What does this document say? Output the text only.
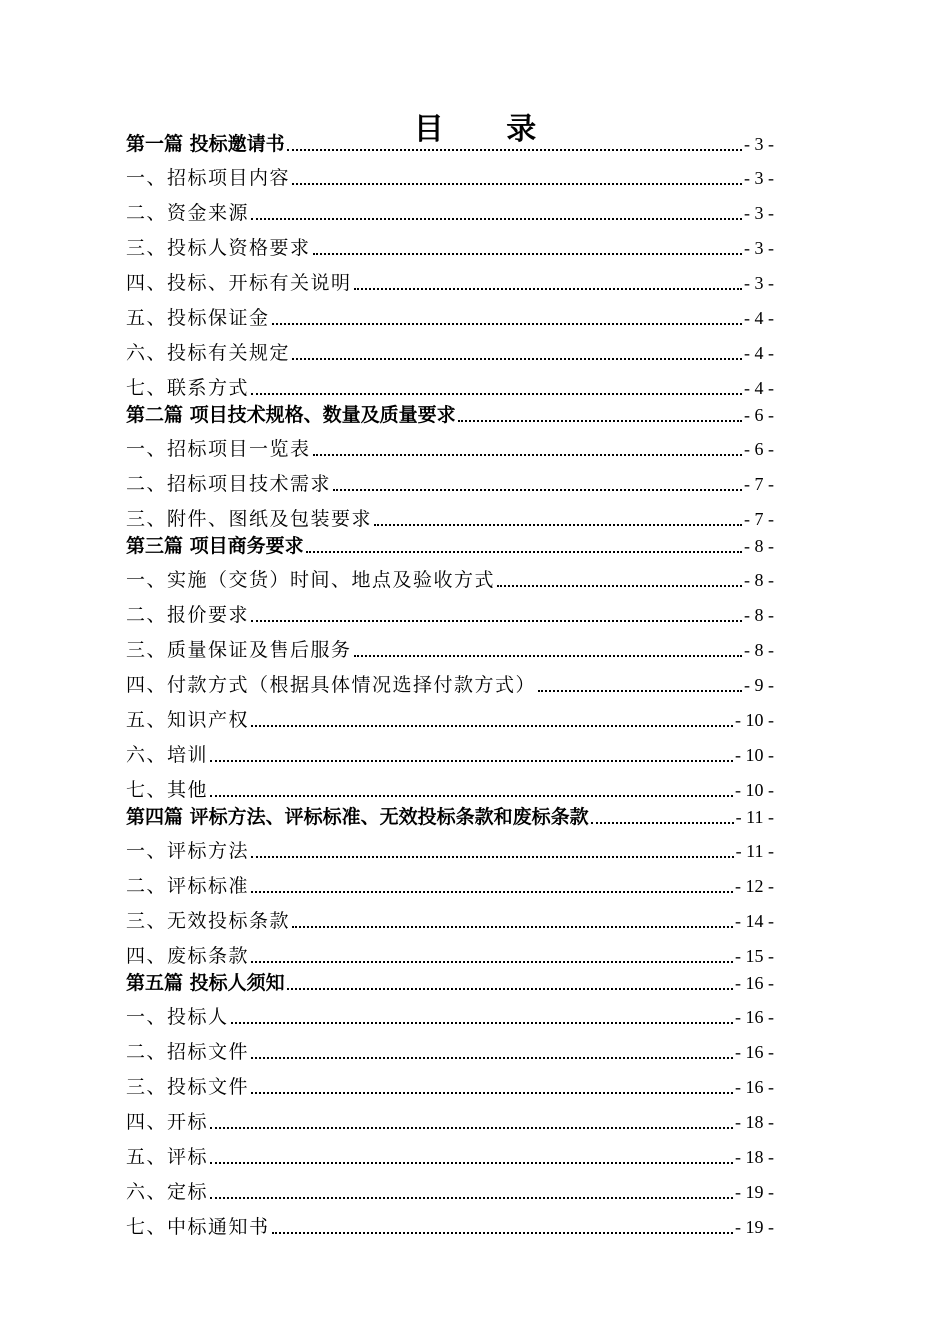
目 录
第一篇 投标邀请书	- 3 -
一、招标项目内容	- 3 -
二、资金来源	- 3 -
三、投标人资格要求	- 3 -
四、投标、开标有关说明	- 3 -
五、投标保证金	- 4 -
六、投标有关规定	- 4 -
七、联系方式	- 4 -
第二篇 项目技术规格、数量及质量要求	- 6 -
一、招标项目一览表	- 6 -
二、招标项目技术需求	- 7 -
三、附件、图纸及包装要求	- 7 -
第三篇 项目商务要求	- 8 -
一、实施（交货）时间、地点及验收方式	- 8 -
二、报价要求	- 8 -
三、质量保证及售后服务	- 8 -
四、付款方式（根据具体情况选择付款方式）	- 9 -
五、知识产权	- 10 -
六、培训	- 10 -
七、其他	- 10 -
第四篇 评标方法、评标标准、无效投标条款和废标条款	- 11 -
一、评标方法	- 11 -
二、评标标准	- 12 -
三、无效投标条款	- 14 -
四、废标条款	- 15 -
第五篇 投标人须知	- 16 -
一、投标人	- 16 -
二、招标文件	- 16 -
三、投标文件	- 16 -
四、开标	- 18 -
五、评标	- 18 -
六、定标	- 19 -
七、中标通知书	- 19 -
